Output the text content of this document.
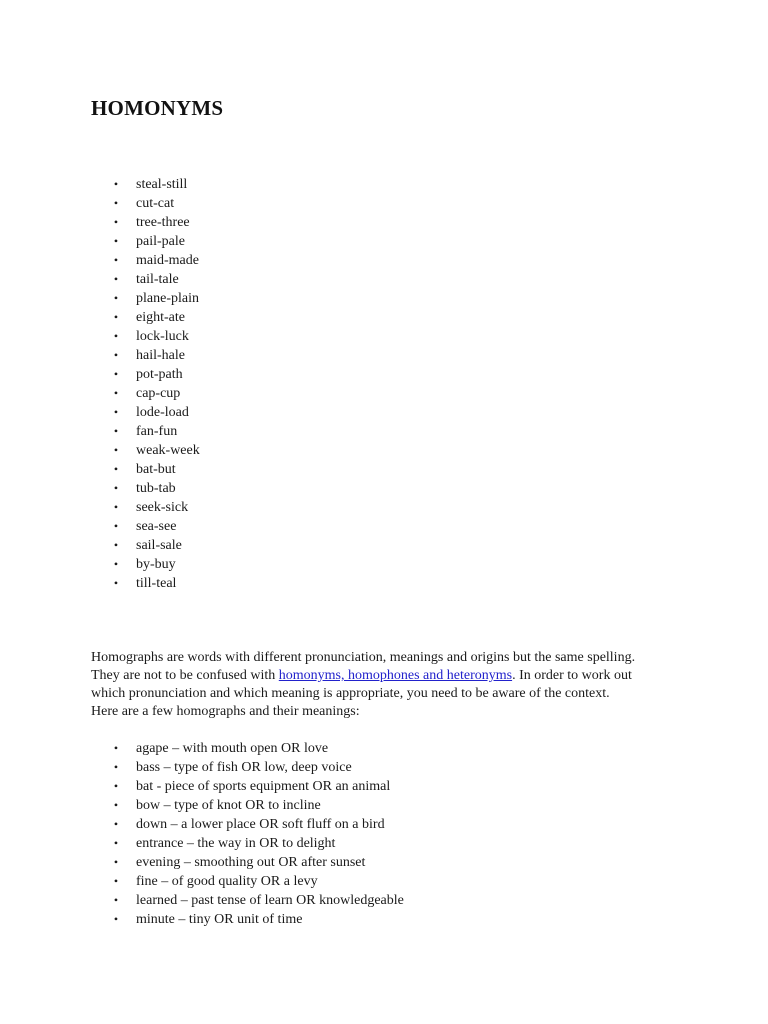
HOMONYMS
• steal-still
• cut-cat
• tree-three
• pail-pale
• maid-made
• tail-tale
• plane-plain
• eight-ate
• lock-luck
• hail-hale
• pot-path
• cap-cup
• lode-load
• fan-fun
• weak-week
• bat-but
• tub-tab
• seek-sick
• sea-see
• sail-sale
• by-buy
• till-teal

Homographs are words with different pronunciation, meanings and origins but the same spelling.
They are not to be confused with homonyms, homophones and heteronyms. In order to work out
which pronunciation and which meaning is appropriate, you need to be aware of the context.
Here are a few homographs and their meanings:

• agape – with mouth open OR love
• bass – type of fish OR low, deep voice
• bat - piece of sports equipment OR an animal
• bow – type of knot OR to incline
• down – a lower place OR soft fluff on a bird
• entrance – the way in OR to delight
• evening – smoothing out OR after sunset
• fine – of good quality OR a levy
• learned – past tense of learn OR knowledgeable
• minute – tiny OR unit of time
